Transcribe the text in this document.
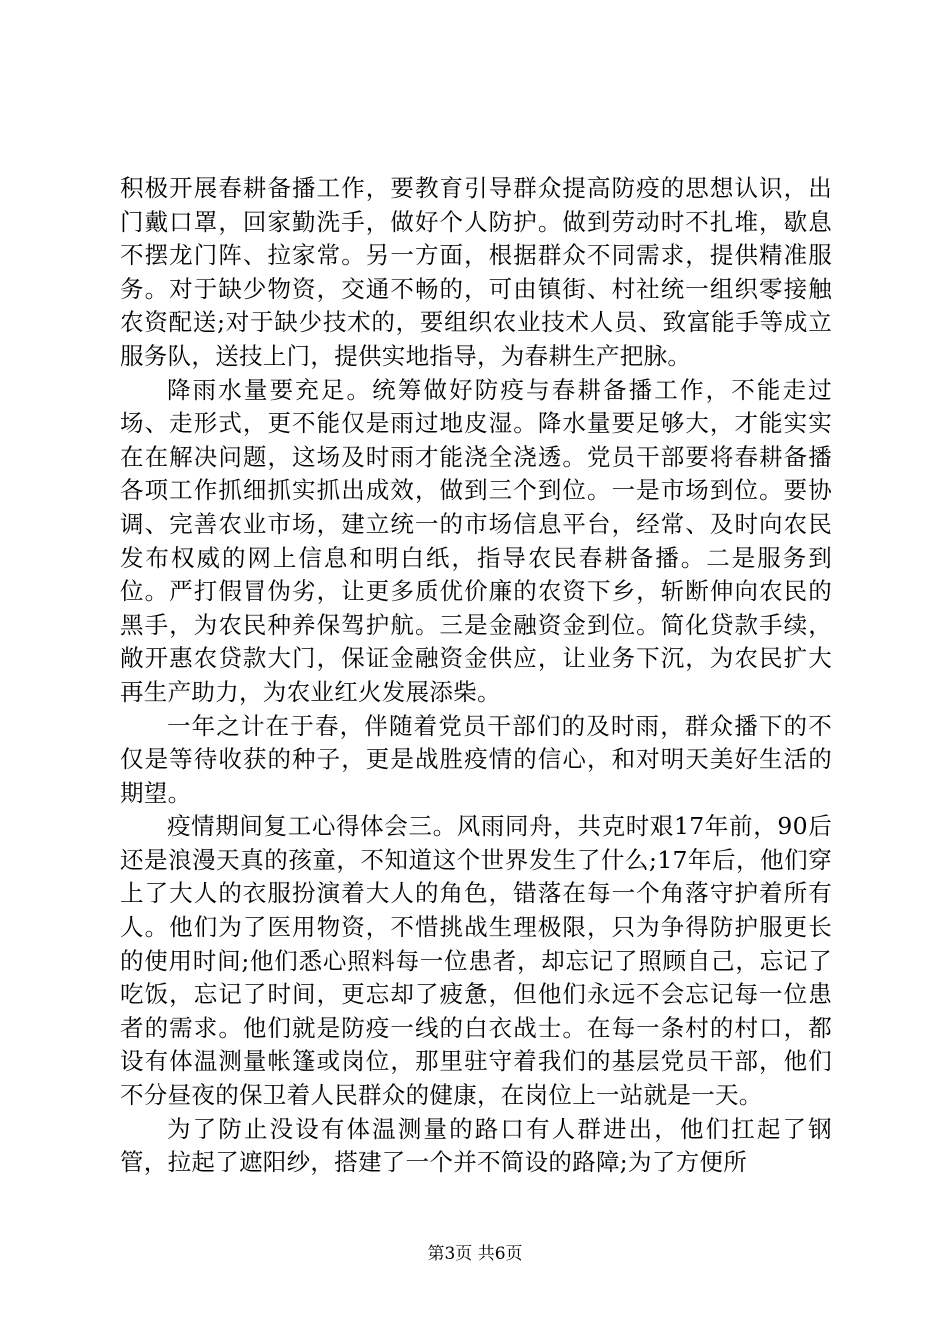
积极开展春耕备播工作，要教育引导群众提高防疫的思想认识，出门戴口罩，回家勤洗手，做好个人防护。做到劳动时不扎堆，歇息不摆龙门阵、拉家常。另一方面，根据群众不同需求，提供精准服务。对于缺少物资，交通不畅的，可由镇街、村社统一组织零接触农资配送;对于缺少技术的，要组织农业技术人员、致富能手等成立服务队，送技上门，提供实地指导，为春耕生产把脉。

降雨水量要充足。统筹做好防疫与春耕备播工作，不能走过场、走形式，更不能仅是雨过地皮湿。降水量要足够大，才能实实在在解决问题，这场及时雨才能浇全浇透。党员干部要将春耕备播各项工作抓细抓实抓出成效，做到三个到位。一是市场到位。要协调、完善农业市场，建立统一的市场信息平台，经常、及时向农民发布权威的网上信息和明白纸，指导农民春耕备播。二是服务到位。严打假冒伪劣，让更多质优价廉的农资下乡，斩断伸向农民的黑手，为农民种养保驾护航。三是金融资金到位。简化贷款手续，敞开惠农贷款大门，保证金融资金供应，让业务下沉，为农民扩大再生产助力，为农业红火发展添柴。

一年之计在于春，伴随着党员干部们的及时雨，群众播下的不仅是等待收获的种子，更是战胜疫情的信心，和对明天美好生活的期望。

疫情期间复工心得体会三。风雨同舟，共克时艰17年前，90后还是浪漫天真的孩童，不知道这个世界发生了什么;17年后，他们穿上了大人的衣服扮演着大人的角色，错落在每一个角落守护着所有人。他们为了医用物资，不惜挑战生理极限，只为争得防护服更长的使用时间;他们悉心照料每一位患者，却忘记了照顾自己，忘记了吃饭，忘记了时间，更忘却了疲惫，但他们永远不会忘记每一位患者的需求。他们就是防疫一线的白衣战士。在每一条村的村口，都设有体温测量帐篷或岗位，那里驻守着我们的基层党员干部，他们不分昼夜的保卫着人民群众的健康，在岗位上一站就是一天。

为了防止没设有体温测量的路口有人群进出，他们扛起了钢管，拉起了遮阳纱，搭建了一个并不简设的路障;为了方便所

第3页 共6页
